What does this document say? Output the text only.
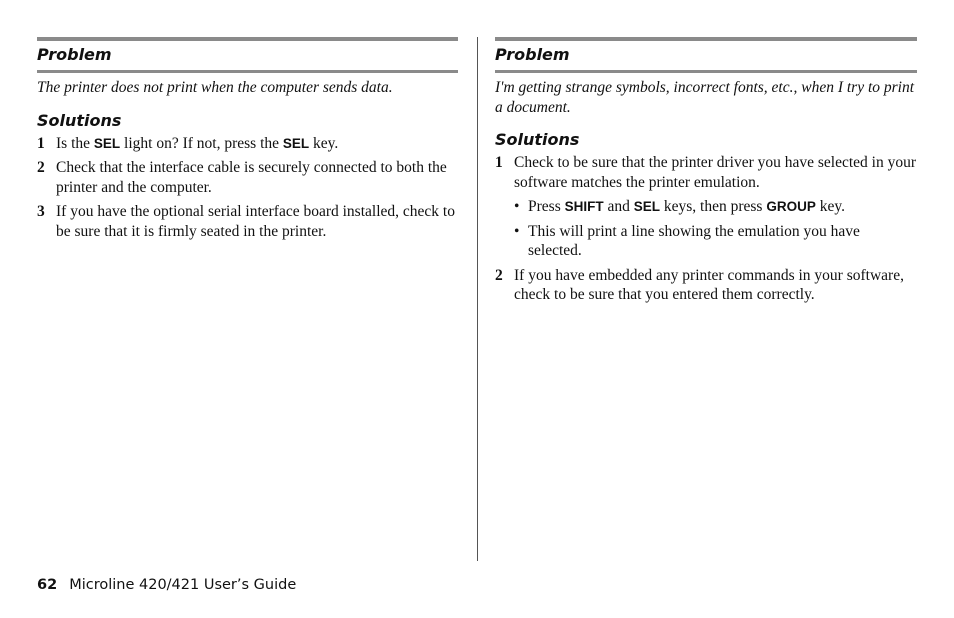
Problem

The printer does not print when the computer sends data.

Solutions
1 Is the SEL light on? If not, press the SEL key.
2 Check that the interface cable is securely connected to both the printer and the computer.
3 If you have the optional serial interface board installed, check to be sure that it is firmly seated in the printer.
Problem

I'm getting strange symbols, incorrect fonts, etc., when I try to print a document.

Solutions
1 Check to be sure that the printer driver you have selected in your software matches the printer emulation.
• Press SHIFT and SEL keys, then press GROUP key.
• This will print a line showing the emulation you have selected.
2 If you have embedded any printer commands in your software, check to be sure that you entered them correctly.
62 Microline 420/421 User’s Guide
